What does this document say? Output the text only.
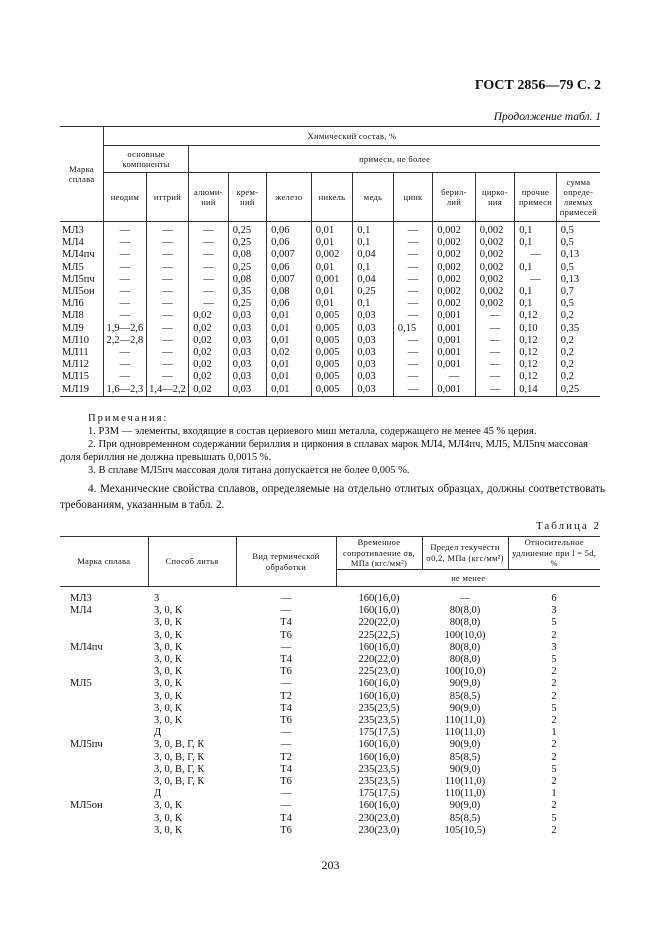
ГОСТ 2856—79 С. 2
Продолжение табл. 1
Марка сплава	Химический состав, %											
	основные компоненты		примеси, не более									
	неодим	иттрий	алюми-ний	крем-ний	железо	никель	медь	цинк	берил-лий	цирко-ния	прочие примеси	сумма опреде-ляемых примесей
МЛ3	—	—	—	0,25	0,06	0,01	0,1	—	0,002	0,002	0,1	0,5
МЛ4	—	—	—	0,25	0,06	0,01	0,1	—	0,002	0,002	0,1	0,5
МЛ4пч	—	—	—	0,08	0,007	0,002	0,04	—	0,002	0,002	—	0,13
МЛ5	—	—	—	0,25	0,06	0,01	0,1	—	0,002	0,002	0,1	0,5
МЛ5пч	—	—	—	0,08	0,007	0,001	0,04	—	0,002	0,002	—	0,13
МЛ5он	—	—	—	0,35	0,08	0,01	0,25	—	0,002	0,002	0,1	0,7
МЛ6	—	—	—	0,25	0,06	0,01	0,1	—	0,002	0,002	0,1	0,5
МЛ8	—	—	0,02	0,03	0,01	0,005	0,03	—	0,001	—	0,12	0,2
МЛ9	1,9—2,6	—	0,02	0,03	0,01	0,005	0,03	0,15	0,001	—	0,10	0,35
МЛ10	2,2—2,8	—	0,02	0,03	0,01	0,005	0,03	—	0,001	—	0,12	0,2
МЛ11	—	—	0,02	0,03	0,02	0,005	0,03	—	0,001	—	0,12	0,2
МЛ12	—	—	0,02	0,03	0,01	0,005	0,03	—	0,001	—	0,12	0,2
МЛ15	—	—	0,02	0,03	0,01	0,005	0,03	—	—	—	0,12	0,2
МЛ19	1,6—2,3	1,4—2,2	0,02	0,03	0,01	0,005	0,03	—	0,001	—	0,14	0,25
Примечания:

1. РЗМ — элементы, входящие в состав цериевого миш металла, содержащего не менее 45 % церия.

2. При одновременном содержании бериллия и циркония в сплавах марок МЛ4, МЛ4пч, МЛ5, МЛ5пч массовая доля бериллия не должна превышать 0,0015 %.

3. В сплаве МЛ5пч массовая доля титана допускается не более 0,005 %.

4. Механические свойства сплавов, определяемые на отдельно отлитых образцах, должны соответствовать требованиям, указанным в табл. 2.
Таблица 2
Марка сплава	Способ литья	Вид термической обработки	Временное сопротивление σв, МПа (кгс/мм²)	Предел текучести σ0,2, МПа (кгс/мм²)	Относительное удлинение при l = 5d, %
			не менее		
МЛ3	3	—	160(16,0)	—	6
МЛ4	3, 0, К	—	160(16,0)	80(8,0)	3
	3, 0, К	Т4	220(22,0)	80(8,0)	5
	3, 0, К	Т6	225(22,5)	100(10,0)	2
МЛ4пч	3, 0, К	—	160(16,0)	80(8,0)	3
	3, 0, К	Т4	220(22,0)	80(8,0)	5
	3, 0, К	Т6	225(23,0)	100(10,0)	2
МЛ5	3, 0, К	—	160(16,0)	90(9,0)	2
	3, 0, К	Т2	160(16,0)	85(8,5)	2
	3, 0, К	Т4	235(23,5)	90(9,0)	5
	3, 0, К	Т6	235(23,5)	110(11,0)	2
	Д	—	175(17,5)	110(11,0)	1
МЛ5пч	3, 0, В, Г, К	—	160(16,0)	90(9,0)	2
	3, 0, В, Г, К	Т2	160(16,0)	85(8,5)	2
	3, 0, В, Г, К	Т4	235(23,5)	90(9,0)	5
	3, 0, В, Г, К	Т6	235(23,5)	110(11,0)	2
	Д	—	175(17,5)	110(11,0)	1
МЛ5он	3, 0, К	—	160(16,0)	90(9,0)	2
	3, 0, К	Т4	230(23,0)	85(8,5)	5
	3, 0, К	Т6	230(23,0)	105(10,5)	2
203
